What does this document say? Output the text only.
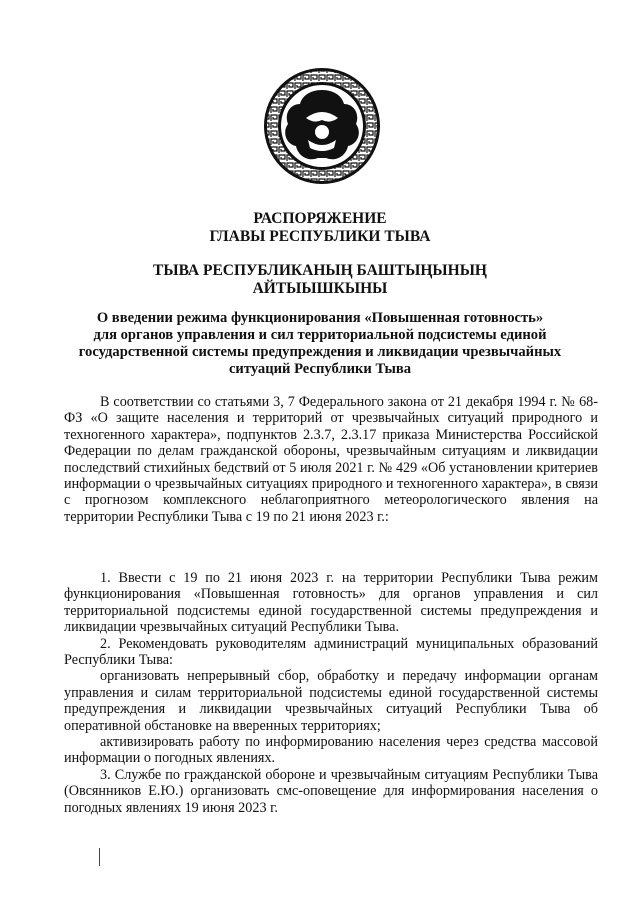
РАСПОРЯЖЕНИЕ
ГЛАВЫ РЕСПУБЛИКИ ТЫВА
ТЫВА РЕСПУБЛИКАНЫҢ БАШТЫҢЫНЫҢ
АЙТЫЫШКЫНЫ
О введении режима функционирования «Повышенная готовность»
для органов управления и сил территориальной подсистемы единой
государственной системы предупреждения и ликвидации чрезвычайных
ситуаций Республики Тыва

В соответствии со статьями 3, 7 Федерального закона от 21 декабря 1994 г. № 68-ФЗ «О защите населения и территорий от чрезвычайных ситуаций природного и техногенного характера», подпунктов 2.3.7, 2.3.17 приказа Министерства Российской Федерации по делам гражданской обороны, чрезвычайным ситуациям и ликвидации последствий стихийных бедствий от 5 июля 2021 г. № 429 «Об установлении критериев информации о чрезвычайных ситуациях природного и техногенного характера», в связи с прогнозом комплексного неблагоприятного метеорологического явления на территории Республики Тыва с 19 по 21 июня 2023 г.:

1. Ввести с 19 по 21 июня 2023 г. на территории Республики Тыва режим функционирования «Повышенная готовность» для органов управления и сил территориальной подсистемы единой государственной системы предупреждения и ликвидации чрезвычайных ситуаций Республики Тыва.

2. Рекомендовать руководителям администраций муниципальных образований Республики Тыва:

организовать непрерывный сбор, обработку и передачу информации органам управления и силам территориальной подсистемы единой государственной системы предупреждения и ликвидации чрезвычайных ситуаций Республики Тыва об оперативной обстановке на вверенных территориях;

активизировать работу по информированию населения через средства массовой информации о погодных явлениях.

3. Службе по гражданской обороне и чрезвычайным ситуациям Республики Тыва (Овсянников Е.Ю.) организовать смс-оповещение для информирования населения о погодных явлениях 19 июня 2023 г.
